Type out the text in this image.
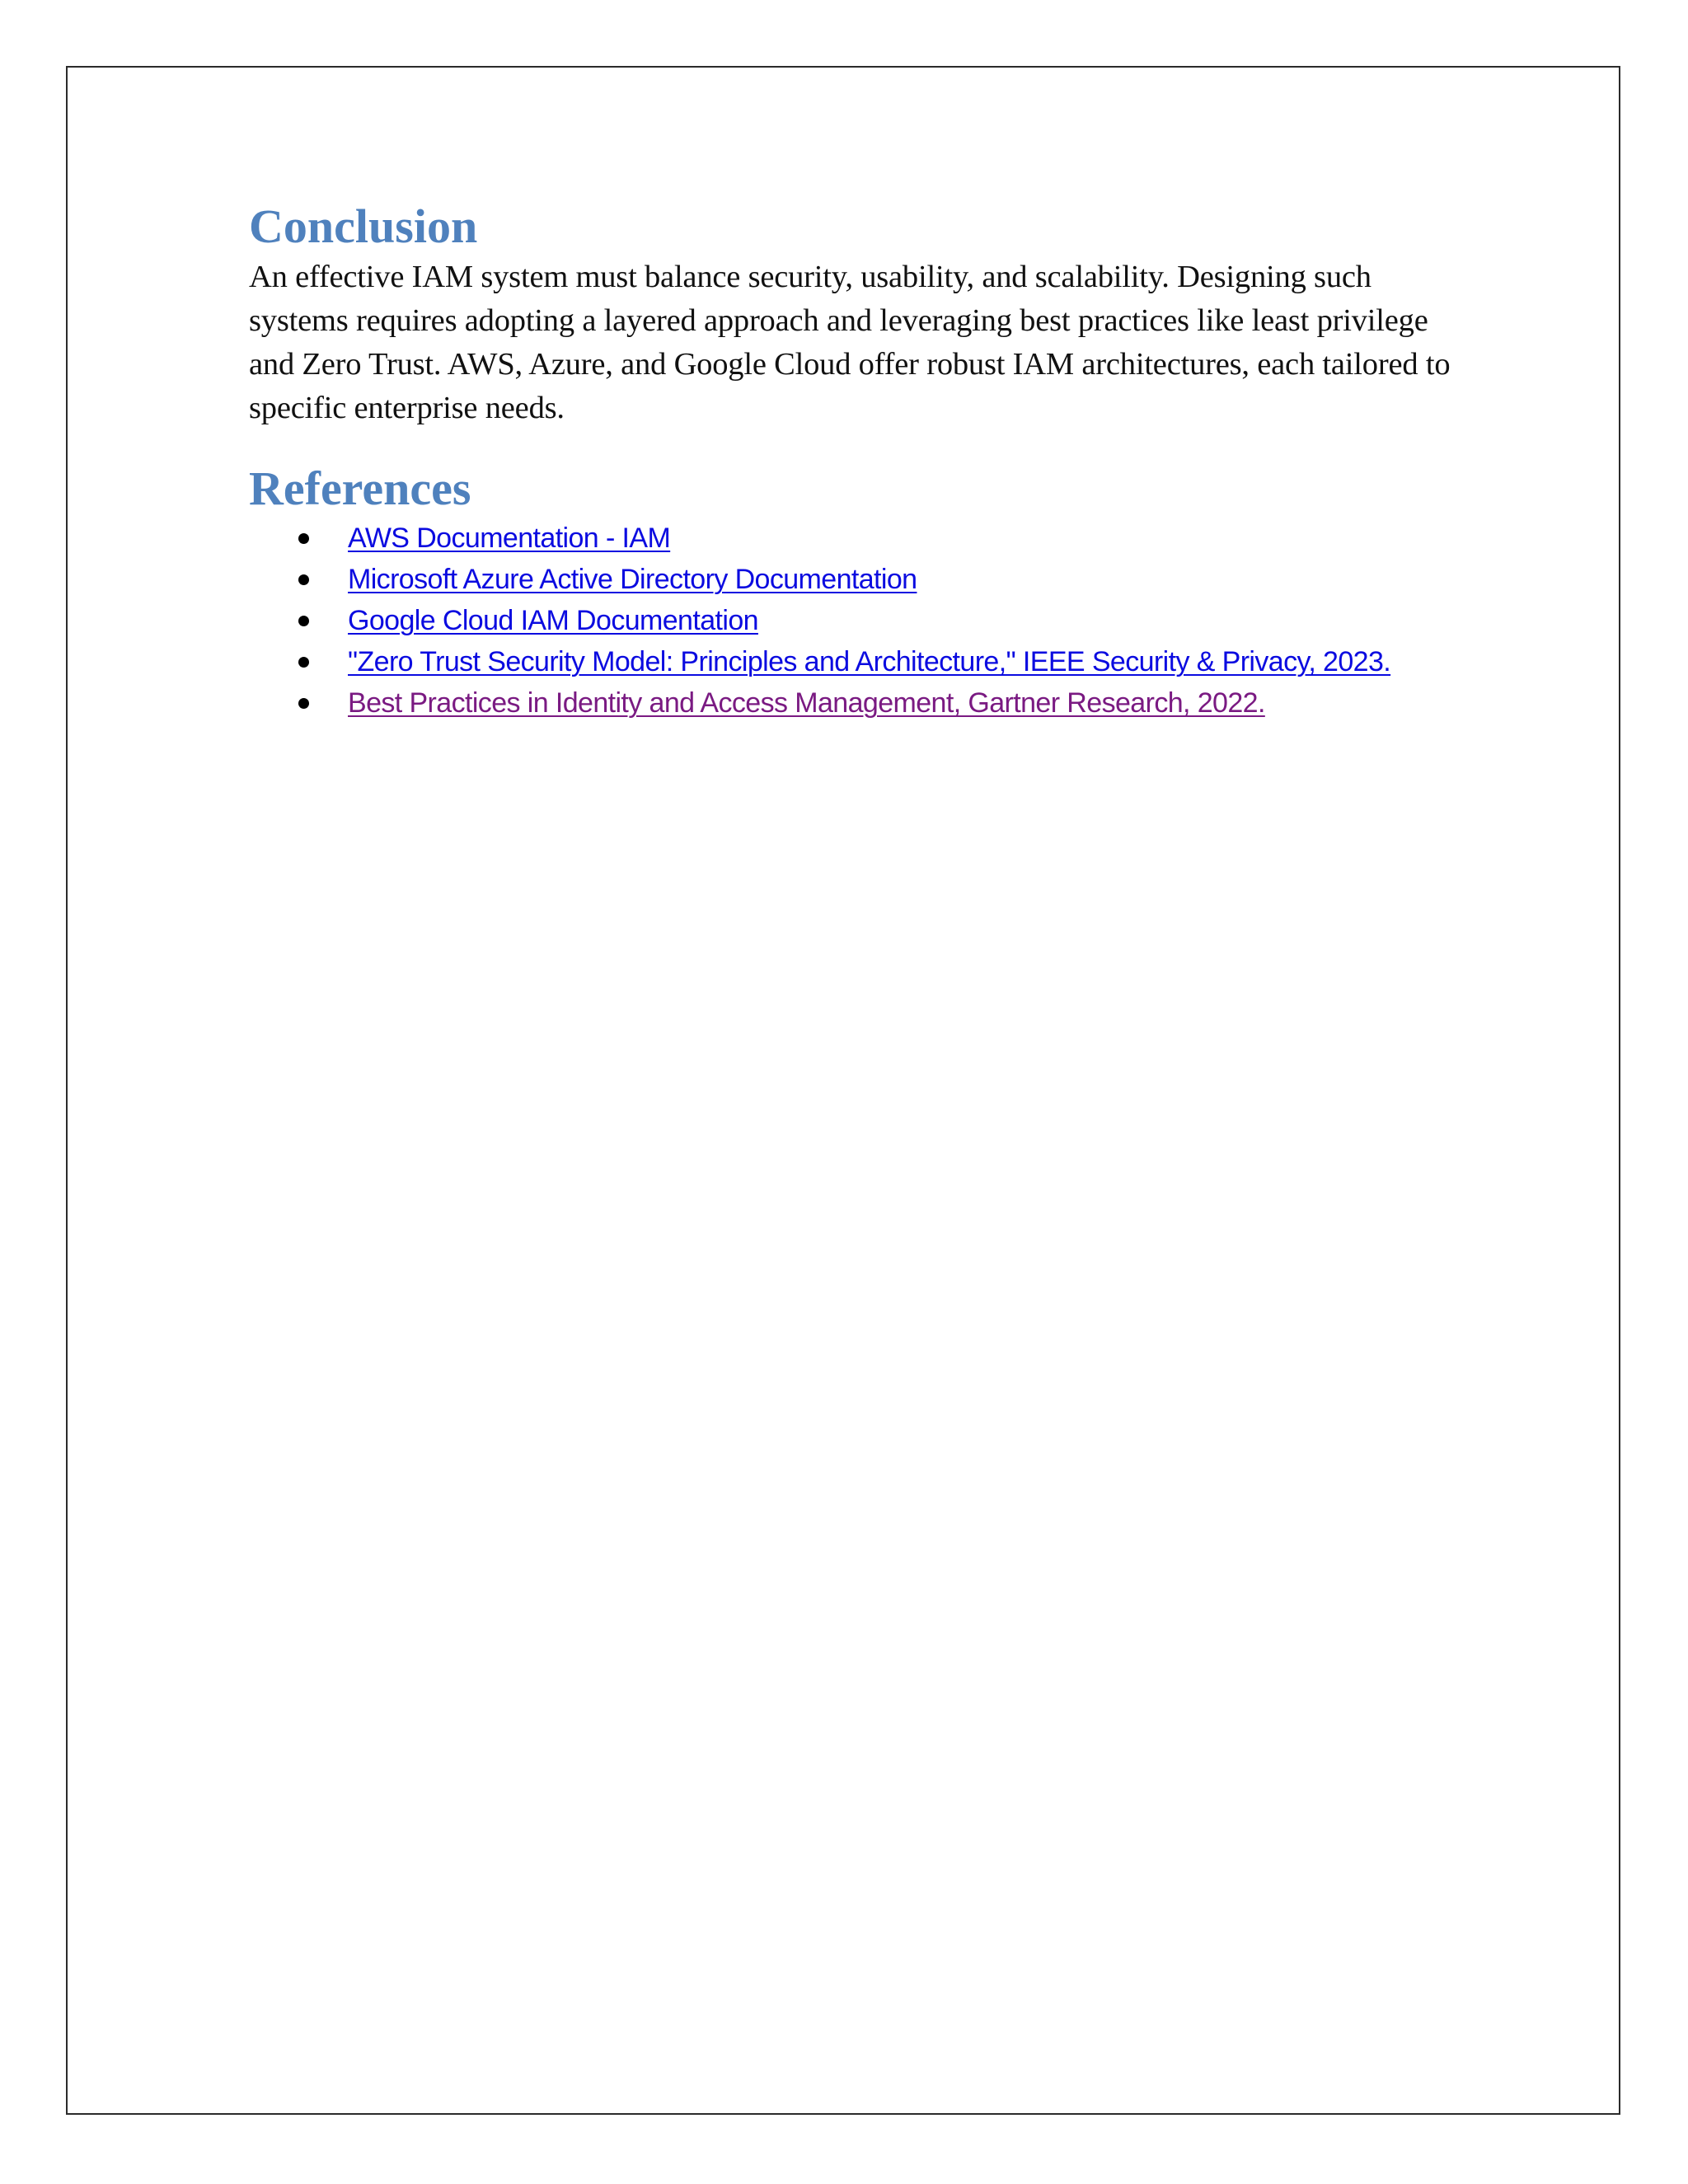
Conclusion

An effective IAM system must balance security, usability, and scalability. Designing such systems requires adopting a layered approach and leveraging best practices like least privilege and Zero Trust. AWS, Azure, and Google Cloud offer robust IAM architectures, each tailored to specific enterprise needs.

References
AWS Documentation - IAM
Microsoft Azure Active Directory Documentation
Google Cloud IAM Documentation
"Zero Trust Security Model: Principles and Architecture," IEEE Security & Privacy, 2023.
Best Practices in Identity and Access Management, Gartner Research, 2022.
